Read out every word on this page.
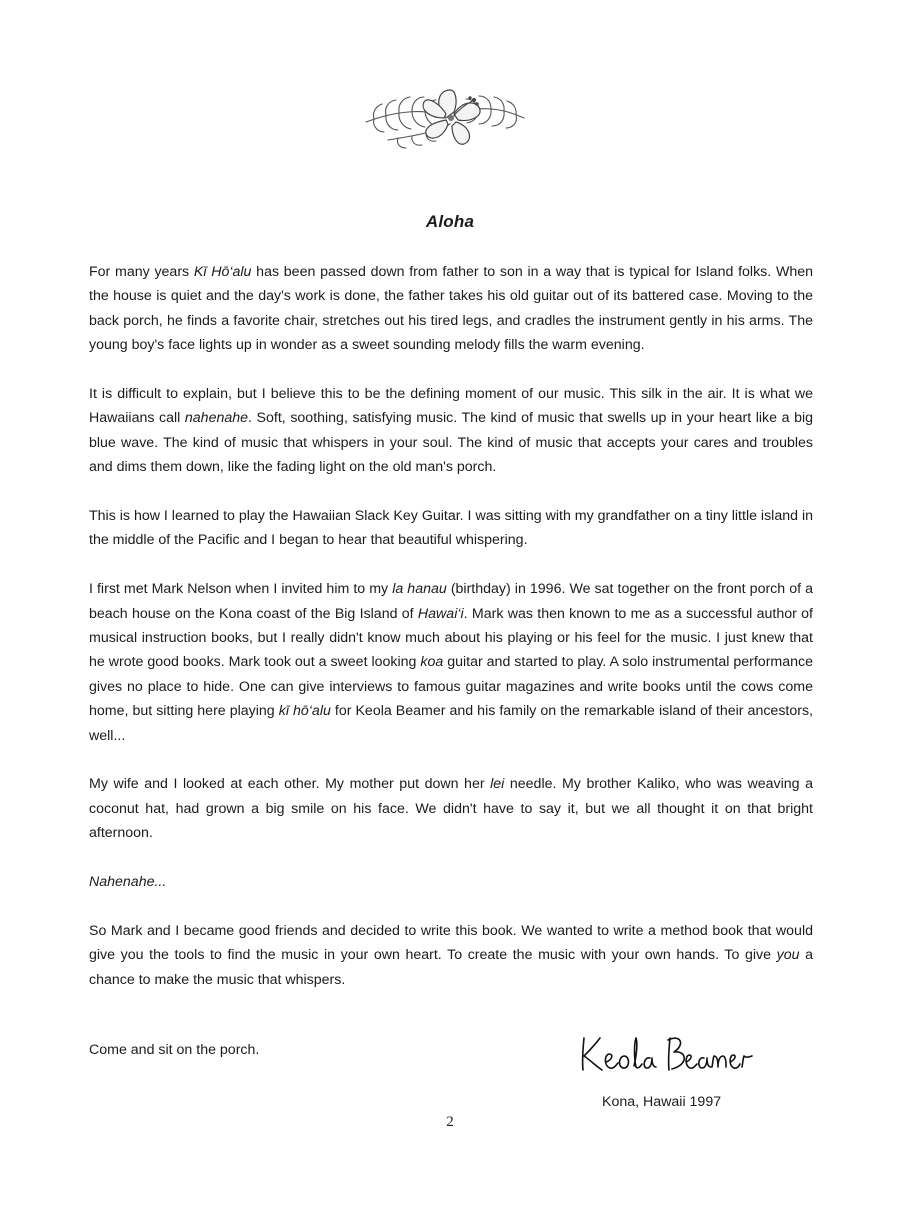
Aloha

For many years Kī Hō‘alu has been passed down from father to son in a way that is typical for Island folks. When the house is quiet and the day's work is done, the father takes his old guitar out of its battered case. Moving to the back porch, he finds a favorite chair, stretches out his tired legs, and cradles the instrument gently in his arms. The young boy's face lights up in wonder as a sweet sounding melody fills the warm evening.

It is difficult to explain, but I believe this to be the defining moment of our music. This silk in the air. It is what we Hawaiians call nahenahe. Soft, soothing, satisfying music. The kind of music that swells up in your heart like a big blue wave. The kind of music that whispers in your soul. The kind of music that accepts your cares and troubles and dims them down, like the fading light on the old man's porch.

This is how I learned to play the Hawaiian Slack Key Guitar. I was sitting with my grandfather on a tiny little island in the middle of the Pacific and I began to hear that beautiful whispering.

I first met Mark Nelson when I invited him to my la hanau (birthday) in 1996. We sat together on the front porch of a beach house on the Kona coast of the Big Island of Hawai‘i. Mark was then known to me as a successful author of musical instruction books, but I really didn't know much about his playing or his feel for the music. I just knew that he wrote good books. Mark took out a sweet looking koa guitar and started to play. A solo instrumental performance gives no place to hide. One can give interviews to famous guitar magazines and write books until the cows come home, but sitting here playing kī hō‘alu for Keola Beamer and his family on the remarkable island of their ancestors, well...

My wife and I looked at each other. My mother put down her lei needle. My brother Kaliko, who was weaving a coconut hat, had grown a big smile on his face. We didn't have to say it, but we all thought it on that bright afternoon.

Nahenahe...

So Mark and I became good friends and decided to write this book. We wanted to write a method book that would give you the tools to find the music in your own heart. To create the music with your own hands. To give you a chance to make the music that whispers.

Come and sit on the porch.
Kona, Hawaii 1997
2
